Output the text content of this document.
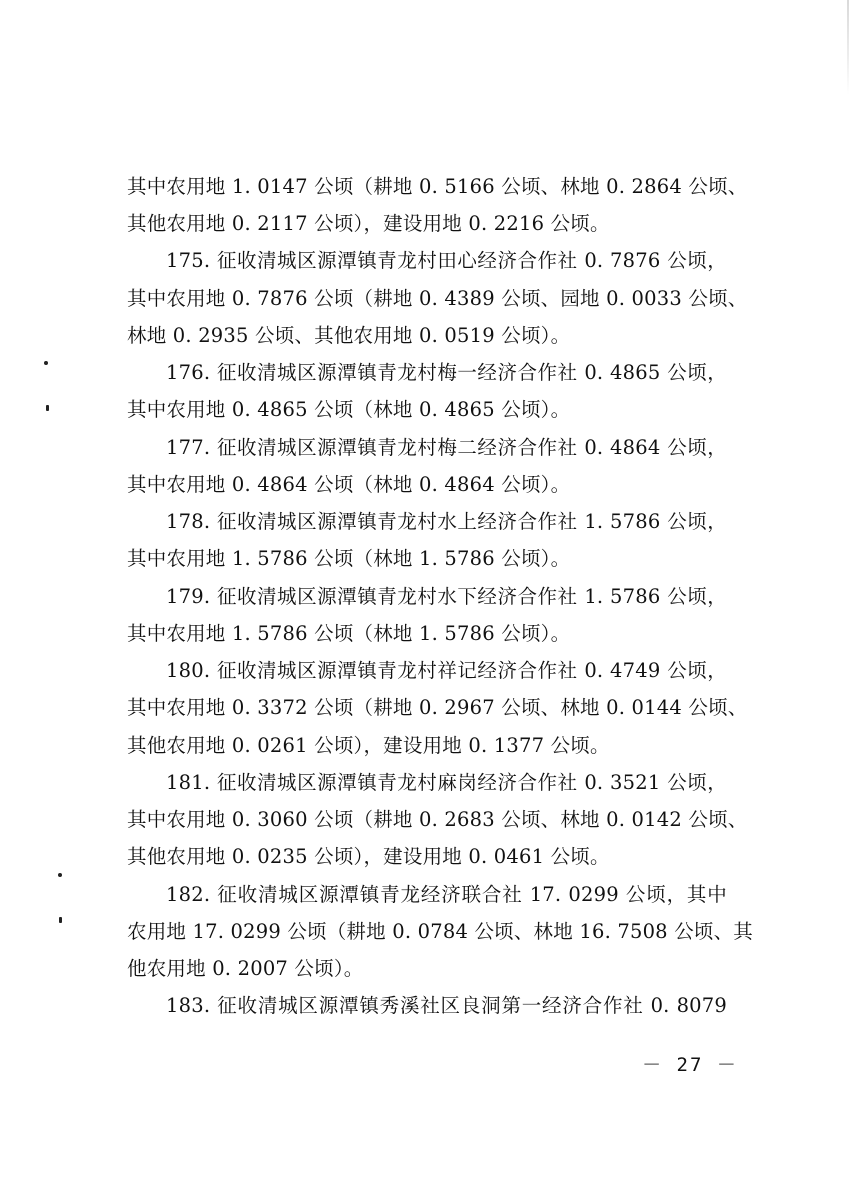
其中农用地 1. 0147 公顷（耕地 0. 5166 公顷、林地 0. 2864 公顷、
其他农用地 0. 2117 公顷），建设用地 0. 2216 公顷。
175. 征收清城区源潭镇青龙村田心经济合作社 0. 7876 公顷，
其中农用地 0. 7876 公顷（耕地 0. 4389 公顷、园地 0. 0033 公顷、
林地 0. 2935 公顷、其他农用地 0. 0519 公顷）。
176. 征收清城区源潭镇青龙村梅一经济合作社 0. 4865 公顷，
其中农用地 0. 4865 公顷（林地 0. 4865 公顷）。
177. 征收清城区源潭镇青龙村梅二经济合作社 0. 4864 公顷，
其中农用地 0. 4864 公顷（林地 0. 4864 公顷）。
178. 征收清城区源潭镇青龙村水上经济合作社 1. 5786 公顷，
其中农用地 1. 5786 公顷（林地 1. 5786 公顷）。
179. 征收清城区源潭镇青龙村水下经济合作社 1. 5786 公顷，
其中农用地 1. 5786 公顷（林地 1. 5786 公顷）。
180. 征收清城区源潭镇青龙村祥记经济合作社 0. 4749 公顷，
其中农用地 0. 3372 公顷（耕地 0. 2967 公顷、林地 0. 0144 公顷、
其他农用地 0. 0261 公顷），建设用地 0. 1377 公顷。
181. 征收清城区源潭镇青龙村麻岗经济合作社 0. 3521 公顷，
其中农用地 0. 3060 公顷（耕地 0. 2683 公顷、林地 0. 0142 公顷、
其他农用地 0. 0235 公顷），建设用地 0. 0461 公顷。
182. 征收清城区源潭镇青龙经济联合社 17. 0299 公顷，其中
农用地 17. 0299 公顷（耕地 0. 0784 公顷、林地 16. 7508 公顷、其
他农用地 0. 2007 公顷）。
183. 征收清城区源潭镇秀溪社区良洞第一经济合作社 0. 8079
－ 27 －
